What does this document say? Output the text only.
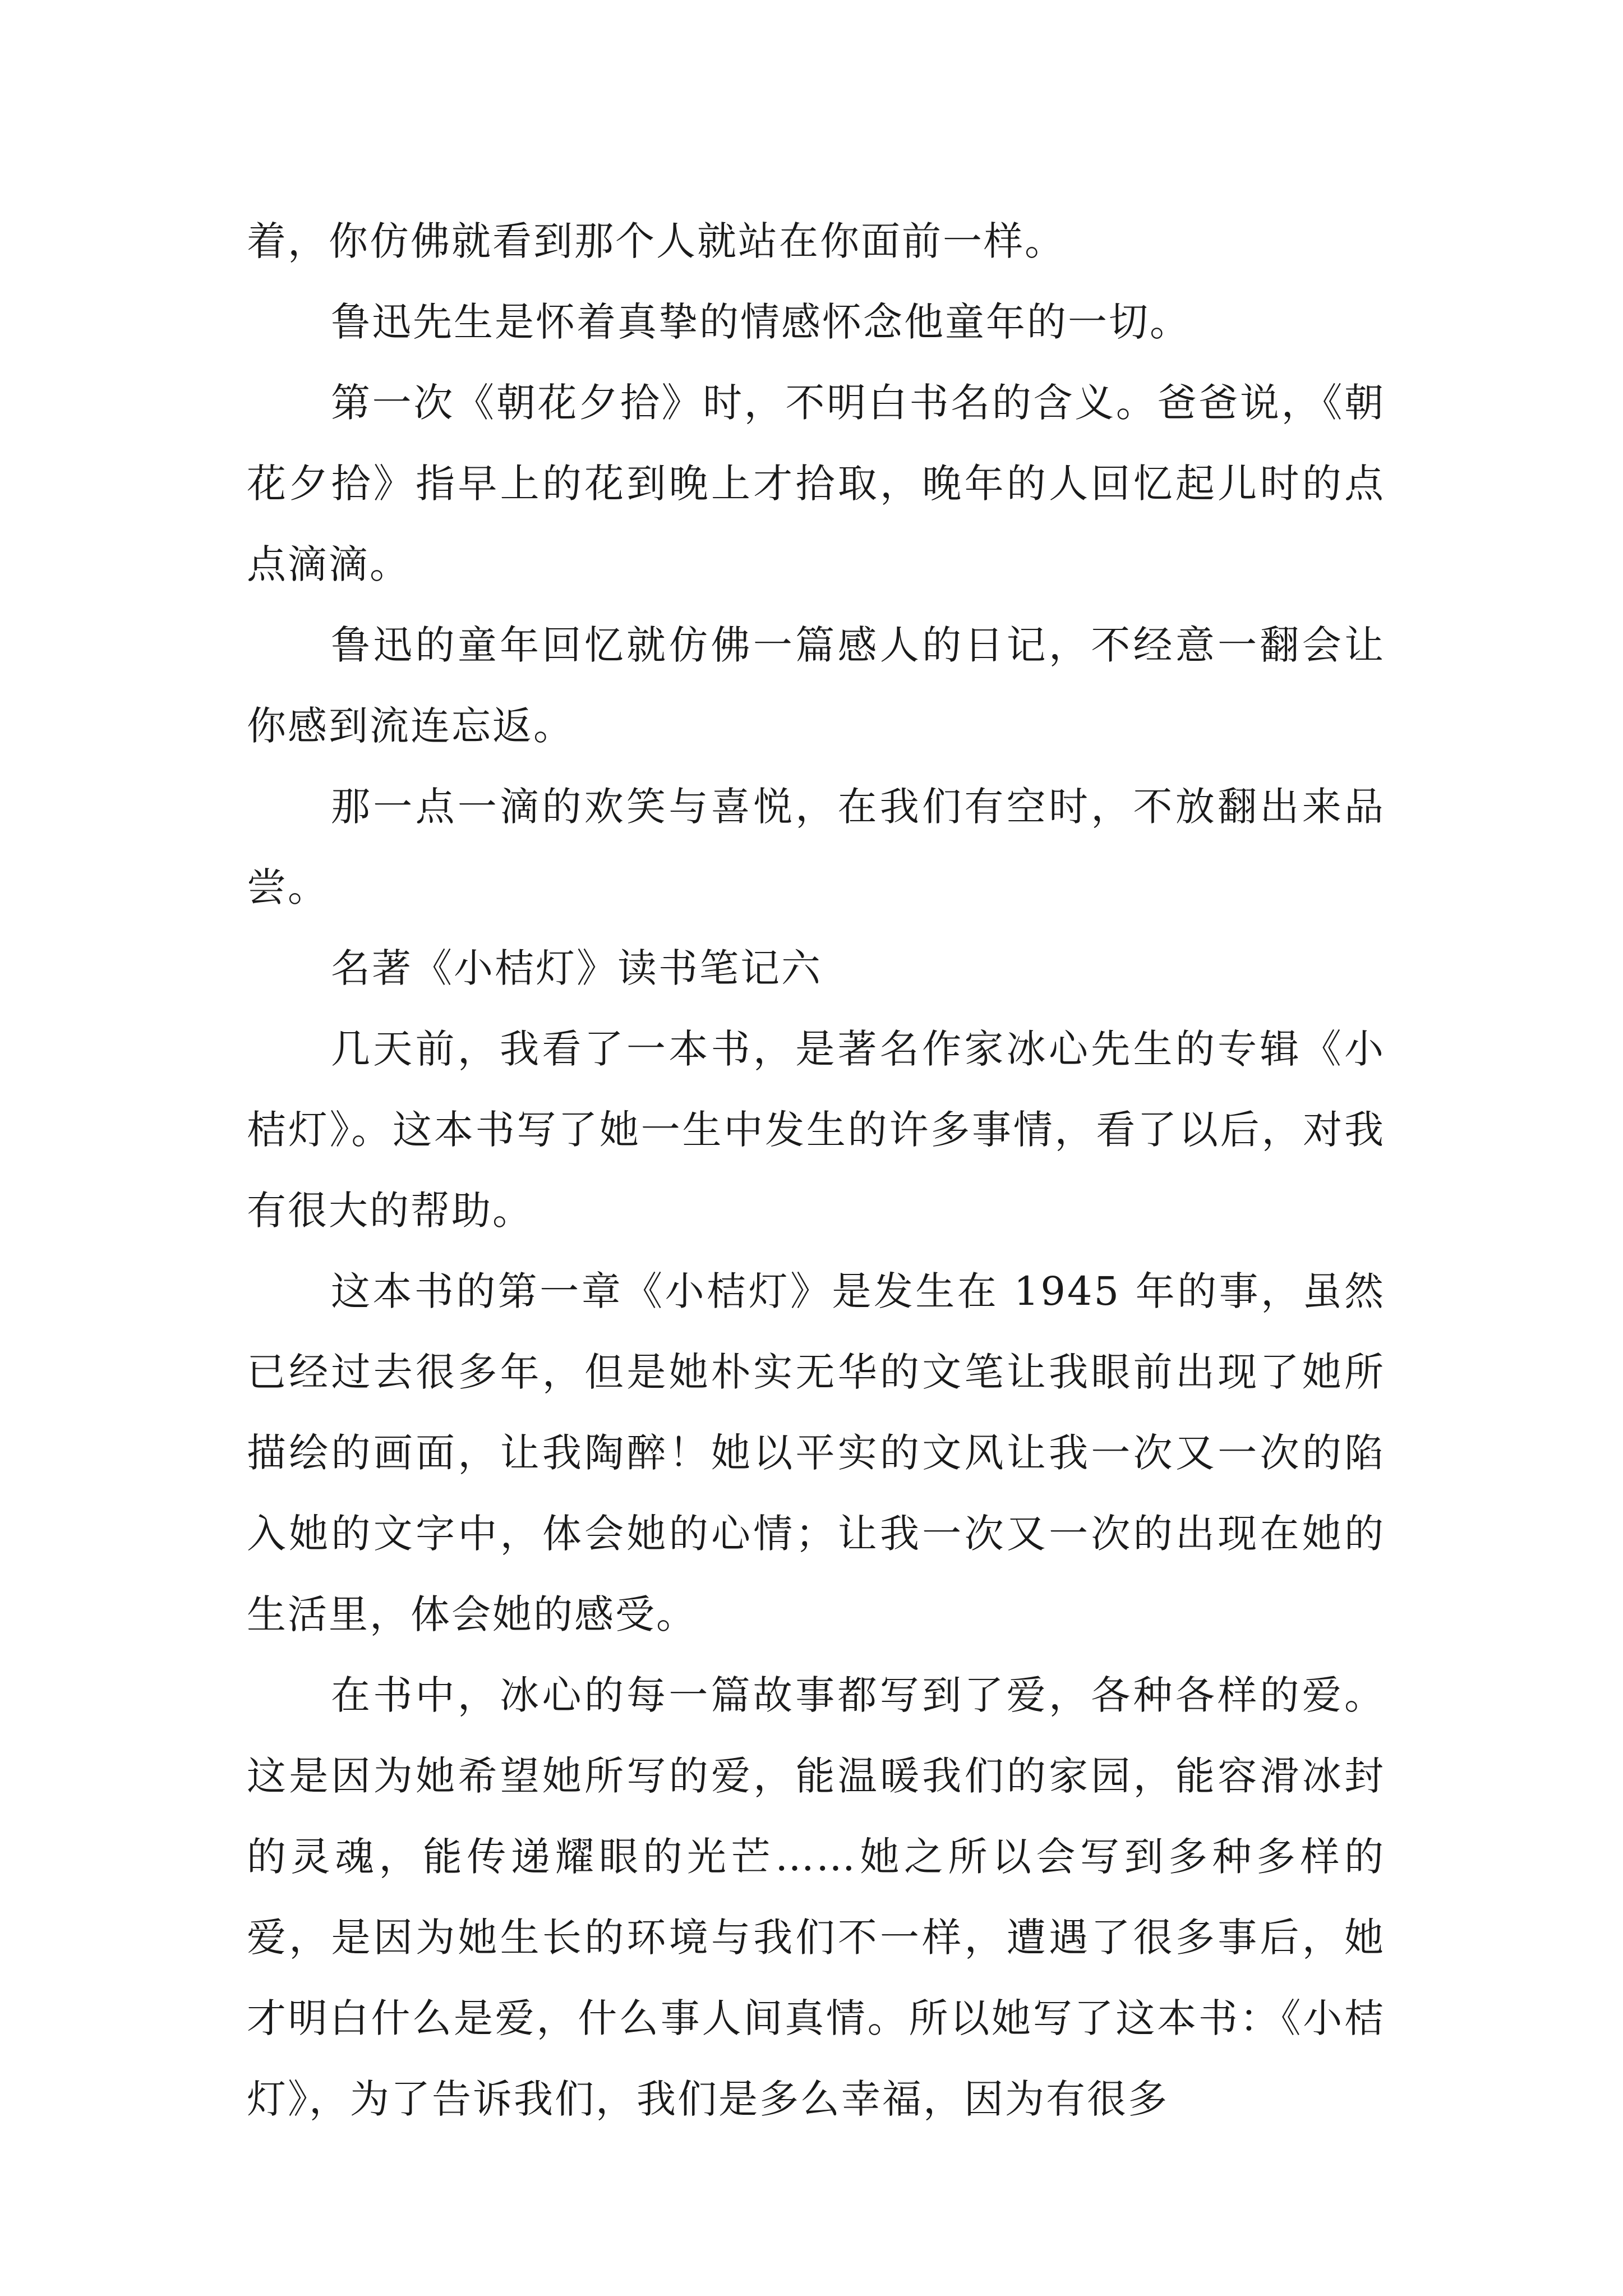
着，你仿佛就看到那个人就站在你面前一样。

鲁迅先生是怀着真挚的情感怀念他童年的一切。

第一次《朝花夕拾》时，不明白书名的含义。爸爸说，《朝花夕拾》指早上的花到晚上才拾取，晚年的人回忆起儿时的点点滴滴。

鲁迅的童年回忆就仿佛一篇感人的日记，不经意一翻会让你感到流连忘返。

那一点一滴的欢笑与喜悦，在我们有空时，不放翻出来品尝。

名著《小桔灯》读书笔记六

几天前，我看了一本书，是著名作家冰心先生的专辑《小桔灯》。这本书写了她一生中发生的许多事情，看了以后，对我有很大的帮助。

这本书的第一章《小桔灯》是发生在 1945 年的事，虽然已经过去很多年，但是她朴实无华的文笔让我眼前出现了她所描绘的画面，让我陶醉！她以平实的文风让我一次又一次的陷入她的文字中，体会她的心情；让我一次又一次的出现在她的生活里，体会她的感受。

在书中，冰心的每一篇故事都写到了爱，各种各样的爱。这是因为她希望她所写的爱，能温暖我们的家园，能容滑冰封的灵魂，能传递耀眼的光芒……她之所以会写到多种多样的爱，是因为她生长的环境与我们不一样，遭遇了很多事后，她才明白什么是爱，什么事人间真情。所以她写了这本书：《小桔灯》，为了告诉我们，我们是多么幸福，因为有很多
